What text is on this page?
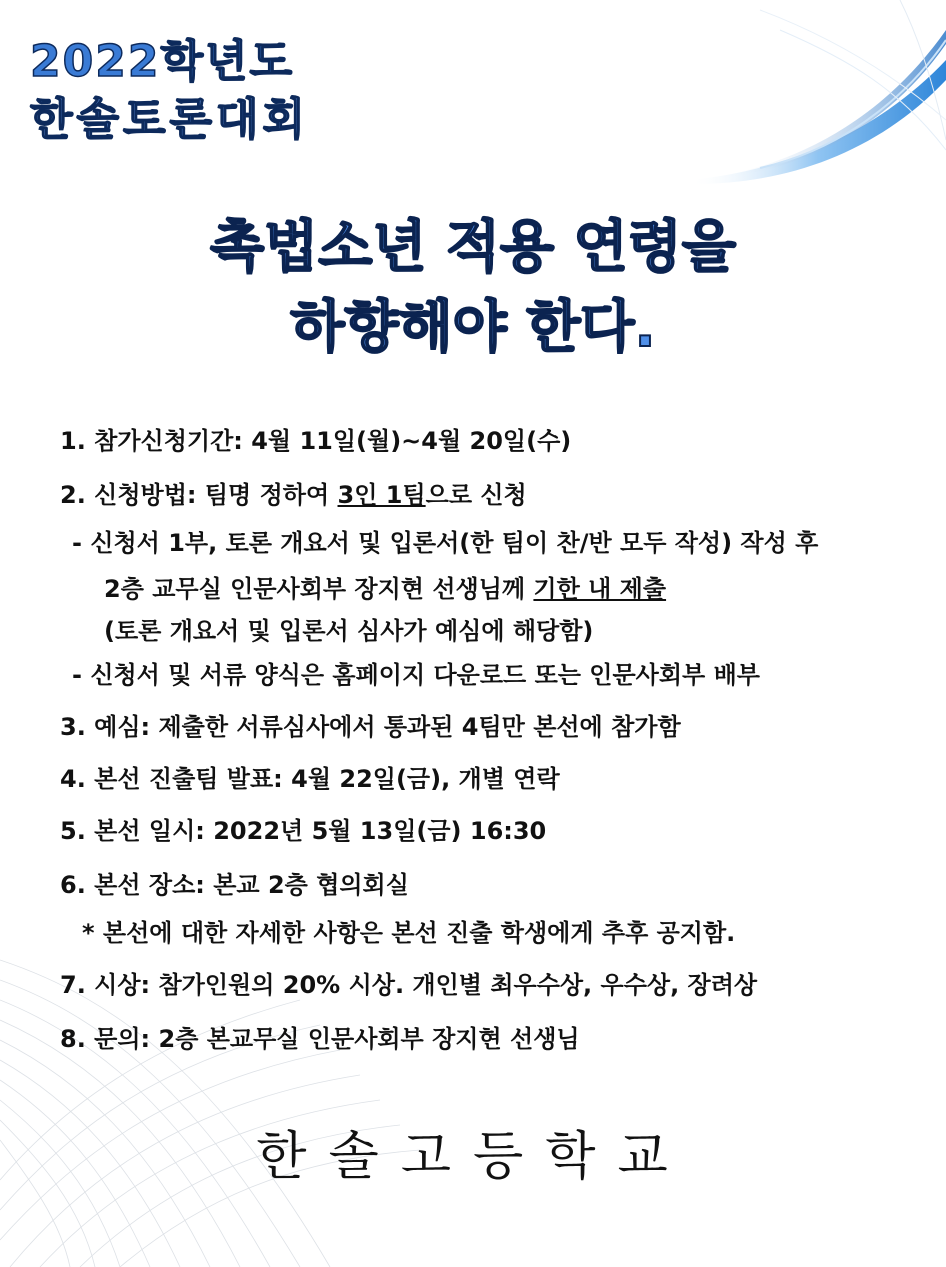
2022학년도
한솔토론대회
촉법소년 적용 연령을
하향해야 한다.

1. 참가신청기간: 4월 11일(월)~4월 20일(수)

2. 신청방법: 팀명 정하여 3인 1팀으로 신청

- 신청서 1부, 토론 개요서 및 입론서(한 팀이 찬/반 모두 작성) 작성 후

2층 교무실 인문사회부 장지현 선생님께 기한 내 제출

(토론 개요서 및 입론서 심사가 예심에 해당함)

- 신청서 및 서류 양식은 홈페이지 다운로드 또는 인문사회부 배부

3. 예심: 제출한 서류심사에서 통과된 4팀만 본선에 참가함

4. 본선 진출팀 발표: 4월 22일(금), 개별 연락

5. 본선 일시: 2022년 5월 13일(금) 16:30

6. 본선 장소: 본교 2층 협의회실

* 본선에 대한 자세한 사항은 본선 진출 학생에게 추후 공지함.

7. 시상: 참가인원의 20% 시상. 개인별 최우수상, 우수상, 장려상

8. 문의: 2층 본교무실 인문사회부 장지현 선생님

한솔고등학교
